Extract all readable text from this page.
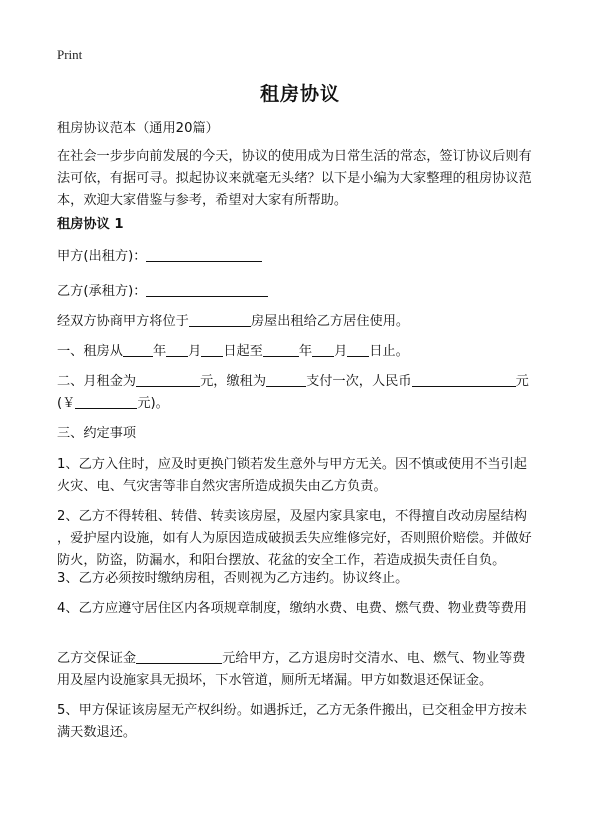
Print
租房协议

租房协议范本（通用20篇）

在社会一步步向前发展的今天，协议的使用成为日常生活的常态，签订协议后则有

法可依，有据可寻。拟起协议来就毫无头绪？以下是小编为大家整理的租房协议范

本，欢迎大家借鉴与参考，希望对大家有所帮助。

租房协议 1

甲方(出租方)：

乙方(承租方)：

经双方协商甲方将位于	房屋出租给乙方居住使用。

一、租房从 年 月 日起至	年 月 日止。

二、月租金为	元，缴租为	支付一次，人民币	元

(￥	元)。

三、约定事项

1、乙方入住时，应及时更换门锁若发生意外与甲方无关。因不慎或使用不当引起

火灾、电、气灾害等非自然灾害所造成损失由乙方负责。

2、乙方不得转租、转借、转卖该房屋，及屋内家具家电，不得擅自改动房屋结构

，爱护屋内设施，如有人为原因造成破损丢失应维修完好，否则照价赔偿。并做好

防火，防盗，防漏水，和阳台摆放、花盆的安全工作，若造成损失责任自负。

3、乙方必须按时缴纳房租，否则视为乙方违约。协议终止。

4、乙方应遵守居住区内各项规章制度，缴纳水费、电费、燃气费、物业费等费用

乙方交保证金	元给甲方，乙方退房时交清水、电、燃气、物业等费

用及屋内设施家具无损坏，下水管道，厕所无堵漏。甲方如数退还保证金。

5、甲方保证该房屋无产权纠纷。如遇拆迁，乙方无条件搬出，已交租金甲方按未

满天数退还。
